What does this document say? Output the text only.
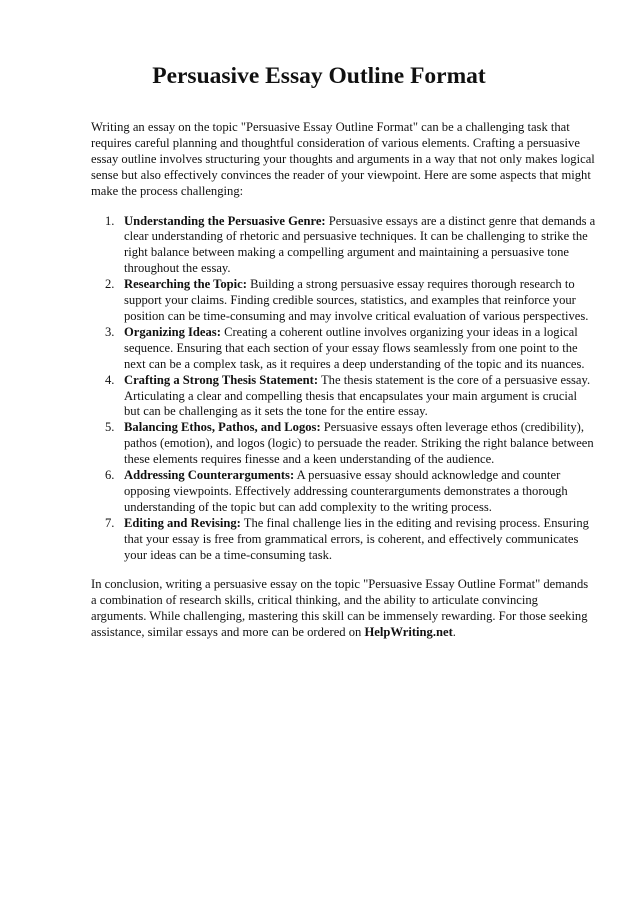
Persuasive Essay Outline Format

Writing an essay on the topic "Persuasive Essay Outline Format" can be a challenging task that requires careful planning and thoughtful consideration of various elements. Crafting a persuasive essay outline involves structuring your thoughts and arguments in a way that not only makes logical sense but also effectively convinces the reader of your viewpoint. Here are some aspects that might make the process challenging:

1. Understanding the Persuasive Genre: Persuasive essays are a distinct genre that demands a clear understanding of rhetoric and persuasive techniques. It can be challenging to strike the right balance between making a compelling argument and maintaining a persuasive tone throughout the essay.
2. Researching the Topic: Building a strong persuasive essay requires thorough research to support your claims. Finding credible sources, statistics, and examples that reinforce your position can be time-consuming and may involve critical evaluation of various perspectives.
3. Organizing Ideas: Creating a coherent outline involves organizing your ideas in a logical sequence. Ensuring that each section of your essay flows seamlessly from one point to the next can be a complex task, as it requires a deep understanding of the topic and its nuances.
4. Crafting a Strong Thesis Statement: The thesis statement is the core of a persuasive essay. Articulating a clear and compelling thesis that encapsulates your main argument is crucial but can be challenging as it sets the tone for the entire essay.
5. Balancing Ethos, Pathos, and Logos: Persuasive essays often leverage ethos (credibility), pathos (emotion), and logos (logic) to persuade the reader. Striking the right balance between these elements requires finesse and a keen understanding of the audience.
6. Addressing Counterarguments: A persuasive essay should acknowledge and counter opposing viewpoints. Effectively addressing counterarguments demonstrates a thorough understanding of the topic but can add complexity to the writing process.
7. Editing and Revising: The final challenge lies in the editing and revising process. Ensuring that your essay is free from grammatical errors, is coherent, and effectively communicates your ideas can be a time-consuming task.

In conclusion, writing a persuasive essay on the topic "Persuasive Essay Outline Format" demands a combination of research skills, critical thinking, and the ability to articulate convincing arguments. While challenging, mastering this skill can be immensely rewarding. For those seeking assistance, similar essays and more can be ordered on HelpWriting.net.
